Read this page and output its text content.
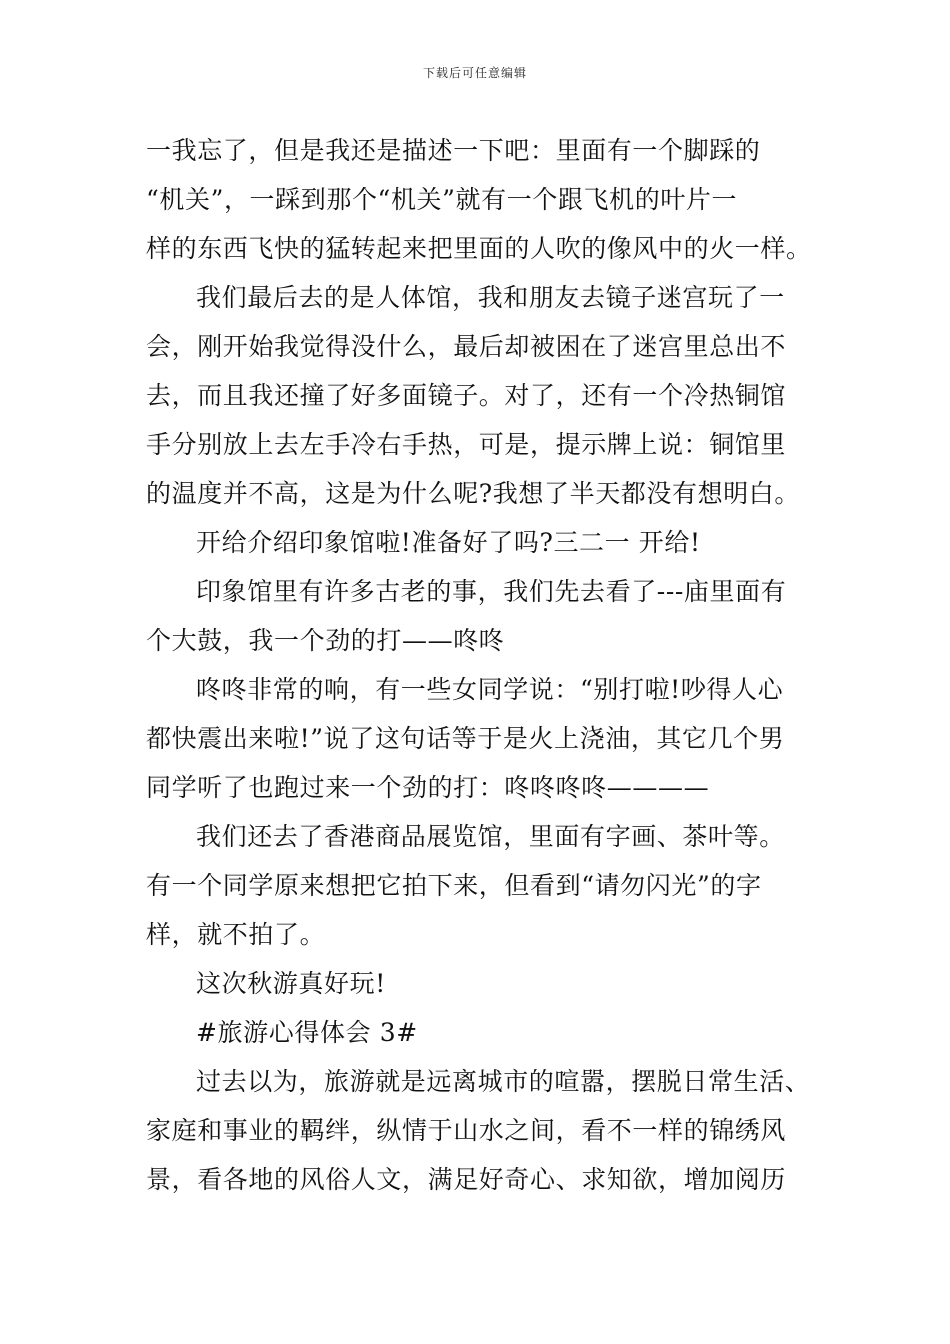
下载后可任意编辑
一我忘了，但是我还是描述一下吧：里面有一个脚踩的
“机关”，一踩到那个“机关”就有一个跟飞机的叶片一
样的东西飞快的猛转起来把里面的人吹的像风中的火一样。
我们最后去的是人体馆，我和朋友去镜子迷宫玩了一
会，刚开始我觉得没什么，最后却被困在了迷宫里总出不
去，而且我还撞了好多面镜子。对了，还有一个冷热铜馆
手分别放上去左手冷右手热，可是，提示牌上说：铜馆里
的温度并不高，这是为什么呢?我想了半天都没有想明白。
开给介绍印象馆啦!准备好了吗?三二一 开给!
印象馆里有许多古老的事，我们先去看了---庙里面有
个大鼓，我一个劲的打——咚咚
咚咚非常的响，有一些女同学说：“别打啦!吵得人心
都快震出来啦!”说了这句话等于是火上浇油，其它几个男
同学听了也跑过来一个劲的打：咚咚咚咚————
我们还去了香港商品展览馆，里面有字画、茶叶等。
有一个同学原来想把它拍下来，但看到“请勿闪光”的字
样，就不拍了。
这次秋游真好玩!
#旅游心得体会 3#
过去以为，旅游就是远离城市的喧嚣，摆脱日常生活、
家庭和事业的羁绊，纵情于山水之间，看不一样的锦绣风
景，看各地的风俗人文，满足好奇心、求知欲，增加阅历
